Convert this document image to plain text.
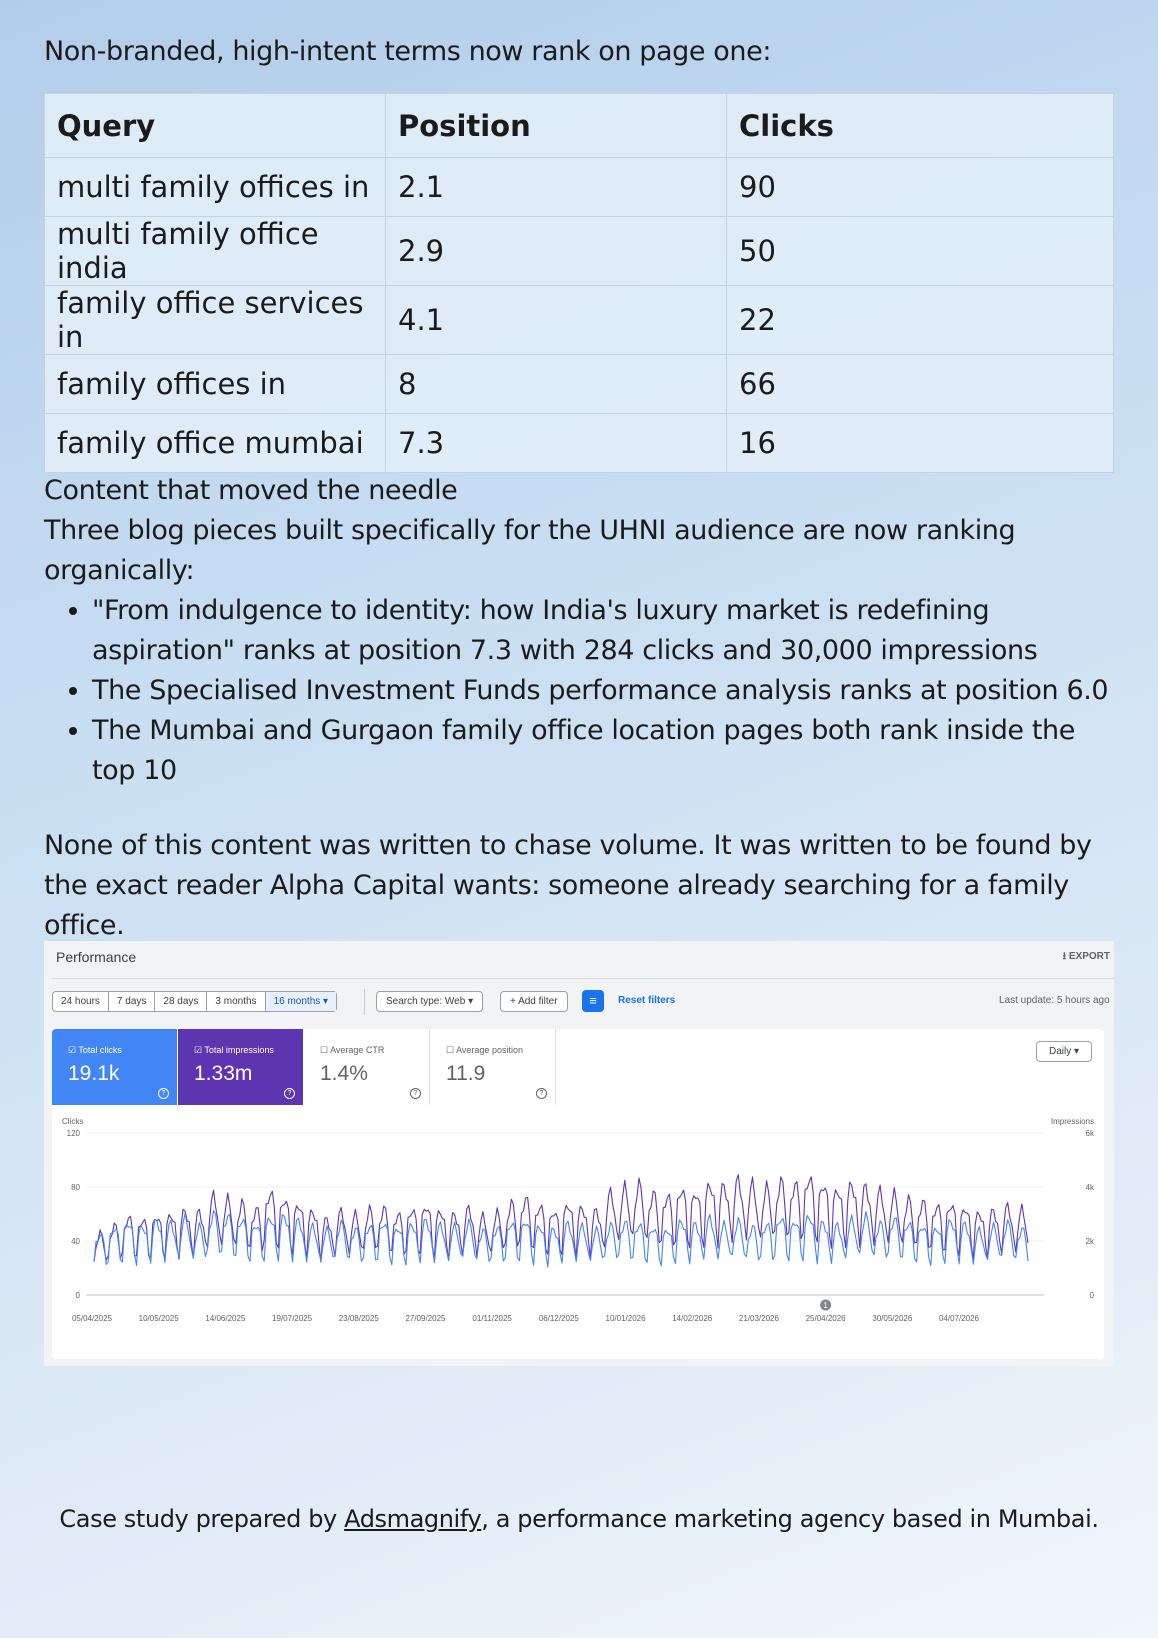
Non-branded, high-intent terms now rank on page one:
Query	Position	Clicks
multi family offices in	2.1	90
multi family office india	2.9	50
family office services in	4.1	22
family offices in	8	66
family office mumbai	7.3	16

Content that moved the needle

Three blog pieces built specifically for the UHNI audience are now ranking organically:

• "From indulgence to identity: how India's luxury market is redefining aspiration" ranks at position 7.3 with 284 clicks and 30,000 impressions
• The Specialised Investment Funds performance analysis ranks at position 6.0
• The Mumbai and Gurgaon family office location pages both rank inside the top 10
None of this content was written to chase volume. It was written to be found by the exact reader Alpha Capital wants: someone already searching for a family office.
Performance	⭳ EXPORT
24 hours	7 days	28 days	3 months	16 months ▾	Search type: Web ▾	+ Add filter	≡	Reset filters	Last update: 5 hours ago
☑ Total clicks
19.1k
?
☑ Total impressions
1.33m
?
☐ Average CTR
1.4%
?
☐ Average position
11.9
?
Daily ▾
Clicks	Impressions
0
40
80
120
0
2k
4k
6k
05/04/2025	10/05/2025	14/06/2025	19/07/2025	23/08/2025	27/09/2025	01/11/2025	06/12/2025	10/01/2026	14/02/2026	21/03/2026	25/04/2026	30/05/2026	04/07/2026
1
Case study prepared by Adsmagnify, a performance marketing agency based in Mumbai.
